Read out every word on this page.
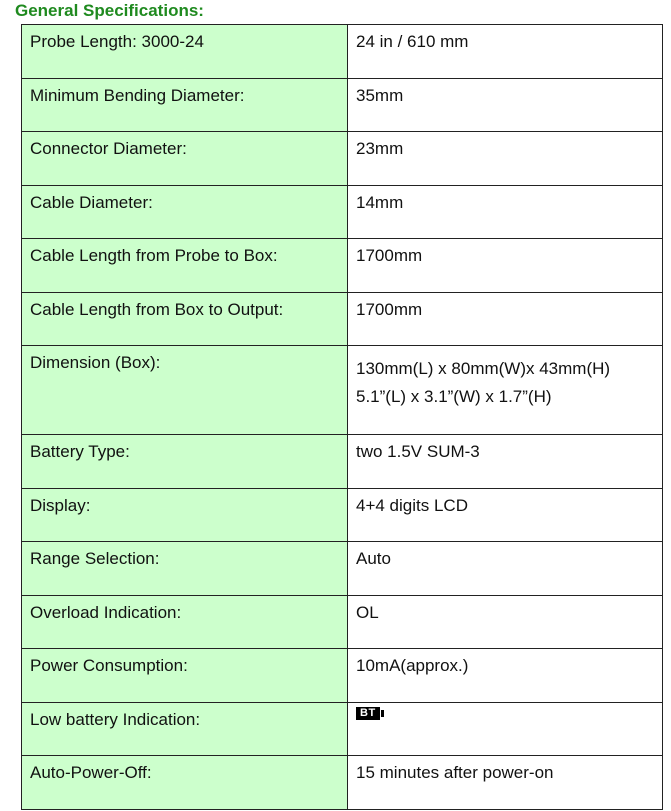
General Specifications:
Probe Length: 3000-24	24 in / 610 mm
Minimum Bending Diameter:	35mm
Connector Diameter:	23mm
Cable Diameter:	14mm
Cable Length from Probe to Box:	1700mm
Cable Length from Box to Output:	1700mm
Dimension (Box):	130mm(L) x 80mm(W)x 43mm(H)
5.1”(L) x 3.1”(W) x 1.7”(H)

Battery Type:	two 1.5V SUM-3
Display:	4+4 digits LCD
Range Selection:	Auto
Overload Indication:	OL
Power Consumption:	10mA(approx.)
Low battery Indication:	BT
Auto-Power-Off:	15 minutes after power-on
